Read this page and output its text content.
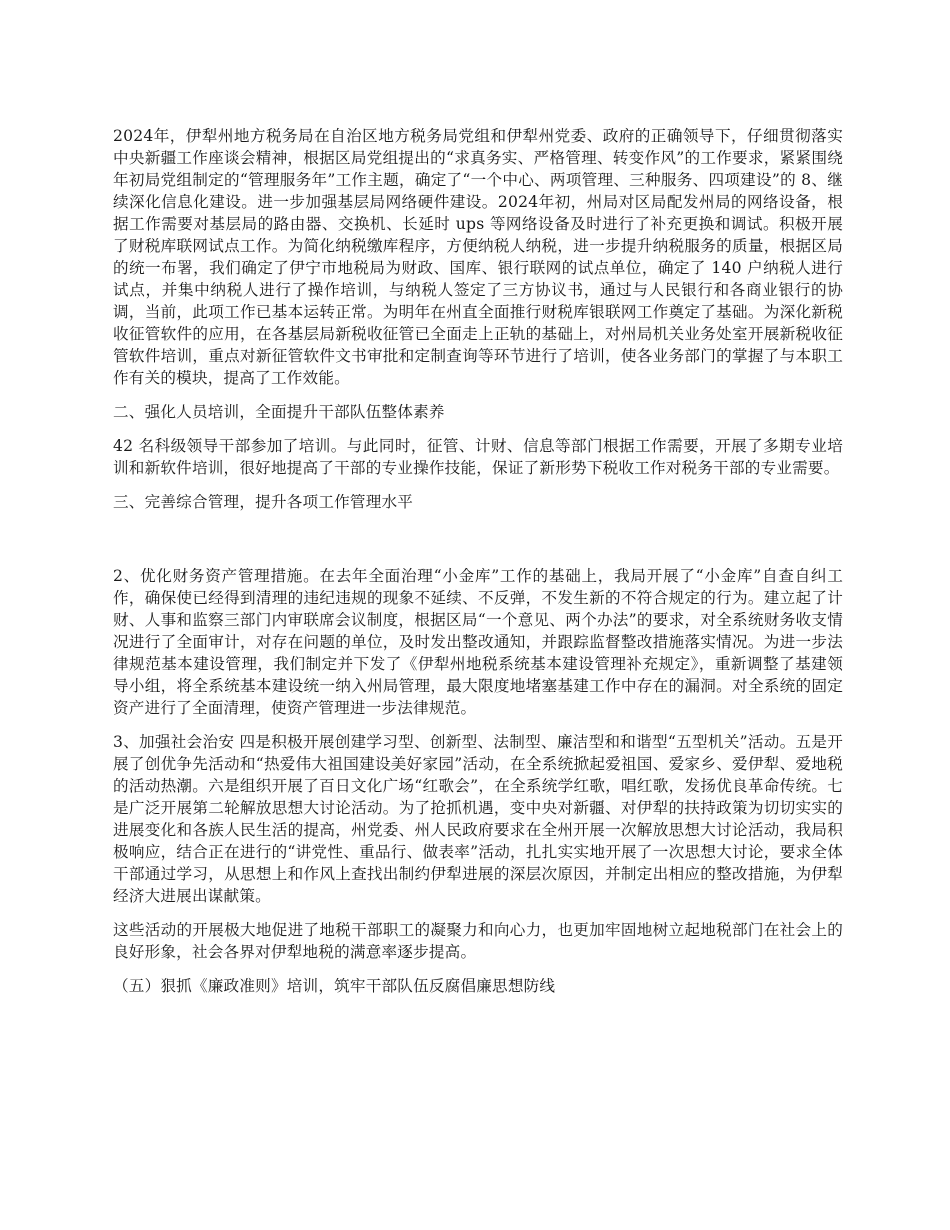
2024年，伊犁州地方税务局在自治区地方税务局党组和伊犁州党委、政府的正确领导下，仔细贯彻落实中央新疆工作座谈会精神，根据区局党组提出的“求真务实、严格管理、转变作风”的工作要求，紧紧围绕年初局党组制定的“管理服务年”工作主题，确定了“一个中心、两项管理、三种服务、四项建设”的 8、继续深化信息化建设。进一步加强基层局网络硬件建设。2024年初，州局对区局配发州局的网络设备，根据工作需要对基层局的路由器、交换机、长延时 ups 等网络设备及时进行了补充更换和调试。积极开展了财税库联网试点工作。为简化纳税缴库程序，方便纳税人纳税，进一步提升纳税服务的质量，根据区局的统一布署，我们确定了伊宁市地税局为财政、国库、银行联网的试点单位，确定了 140 户纳税人进行试点，并集中纳税人进行了操作培训，与纳税人签定了三方协议书，通过与人民银行和各商业银行的协调，当前，此项工作已基本运转正常。为明年在州直全面推行财税库银联网工作奠定了基础。为深化新税收征管软件的应用，在各基层局新税收征管已全面走上正轨的基础上，对州局机关业务处室开展新税收征管软件培训，重点对新征管软件文书审批和定制查询等环节进行了培训，使各业务部门的掌握了与本职工作有关的模块，提高了工作效能。

二、强化人员培训，全面提升干部队伍整体素养

42 名科级领导干部参加了培训。与此同时，征管、计财、信息等部门根据工作需要，开展了多期专业培训和新软件培训，很好地提高了干部的专业操作技能，保证了新形势下税收工作对税务干部的专业需要。

三、完善综合管理，提升各项工作管理水平

2、优化财务资产管理措施。在去年全面治理“小金库”工作的基础上，我局开展了“小金库”自查自纠工作，确保使已经得到清理的违纪违规的现象不延续、不反弹，不发生新的不符合规定的行为。建立起了计财、人事和监察三部门内审联席会议制度，根据区局“一个意见、两个办法”的要求，对全系统财务收支情况进行了全面审计，对存在问题的单位，及时发出整改通知，并跟踪监督整改措施落实情况。为进一步法律规范基本建设管理，我们制定并下发了《伊犁州地税系统基本建设管理补充规定》，重新调整了基建领导小组，将全系统基本建设统一纳入州局管理，最大限度地堵塞基建工作中存在的漏洞。对全系统的固定资产进行了全面清理，使资产管理进一步法律规范。

3、加强社会治安 四是积极开展创建学习型、创新型、法制型、廉洁型和和谐型“五型机关”活动。五是开展了创优争先活动和“热爱伟大祖国建设美好家园”活动，在全系统掀起爱祖国、爱家乡、爱伊犁、爱地税的活动热潮。六是组织开展了百日文化广场“红歌会”，在全系统学红歌，唱红歌，发扬优良革命传统。七是广泛开展第二轮解放思想大讨论活动。为了抢抓机遇，变中央对新疆、对伊犁的扶持政策为切切实实的进展变化和各族人民生活的提高，州党委、州人民政府要求在全州开展一次解放思想大讨论活动，我局积极响应，结合正在进行的“讲党性、重品行、做表率”活动，扎扎实实地开展了一次思想大讨论，要求全体干部通过学习，从思想上和作风上查找出制约伊犁进展的深层次原因，并制定出相应的整改措施，为伊犁经济大进展出谋献策。

这些活动的开展极大地促进了地税干部职工的凝聚力和向心力，也更加牢固地树立起地税部门在社会上的良好形象，社会各界对伊犁地税的满意率逐步提高。

（五）狠抓《廉政准则》培训，筑牢干部队伍反腐倡廉思想防线
